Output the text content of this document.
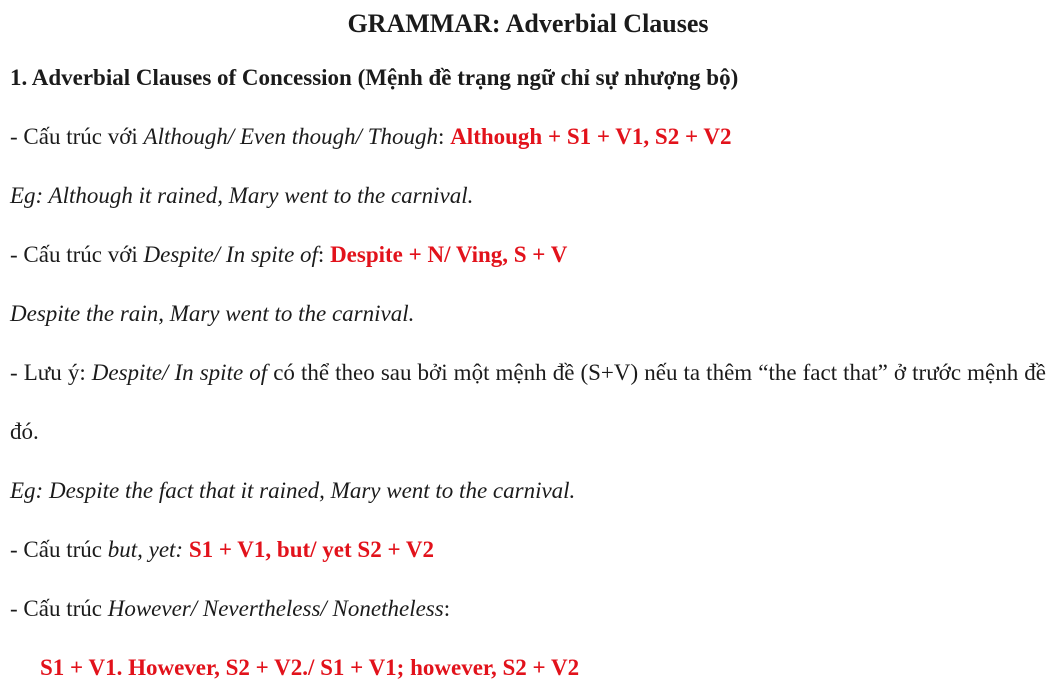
GRAMMAR: Adverbial Clauses

1. Adverbial Clauses of Concession (Mệnh đề trạng ngữ chỉ sự nhượng bộ)

- Cấu trúc với Although/ Even though/ Though: Although + S1 + V1, S2 + V2

Eg: Although it rained, Mary went to the carnival.

- Cấu trúc với Despite/ In spite of: Despite + N/ Ving, S + V

Despite the rain, Mary went to the carnival.

- Lưu ý: Despite/ In spite of có thể theo sau bởi một mệnh đề (S+V) nếu ta thêm “the fact that” ở trước mệnh đề đó.

Eg: Despite the fact that it rained, Mary went to the carnival.

- Cấu trúc but, yet: S1 + V1, but/ yet S2 + V2

- Cấu trúc However/ Nevertheless/ Nonetheless:

S1 + V1. However, S2 + V2./ S1 + V1; however, S2 + V2
